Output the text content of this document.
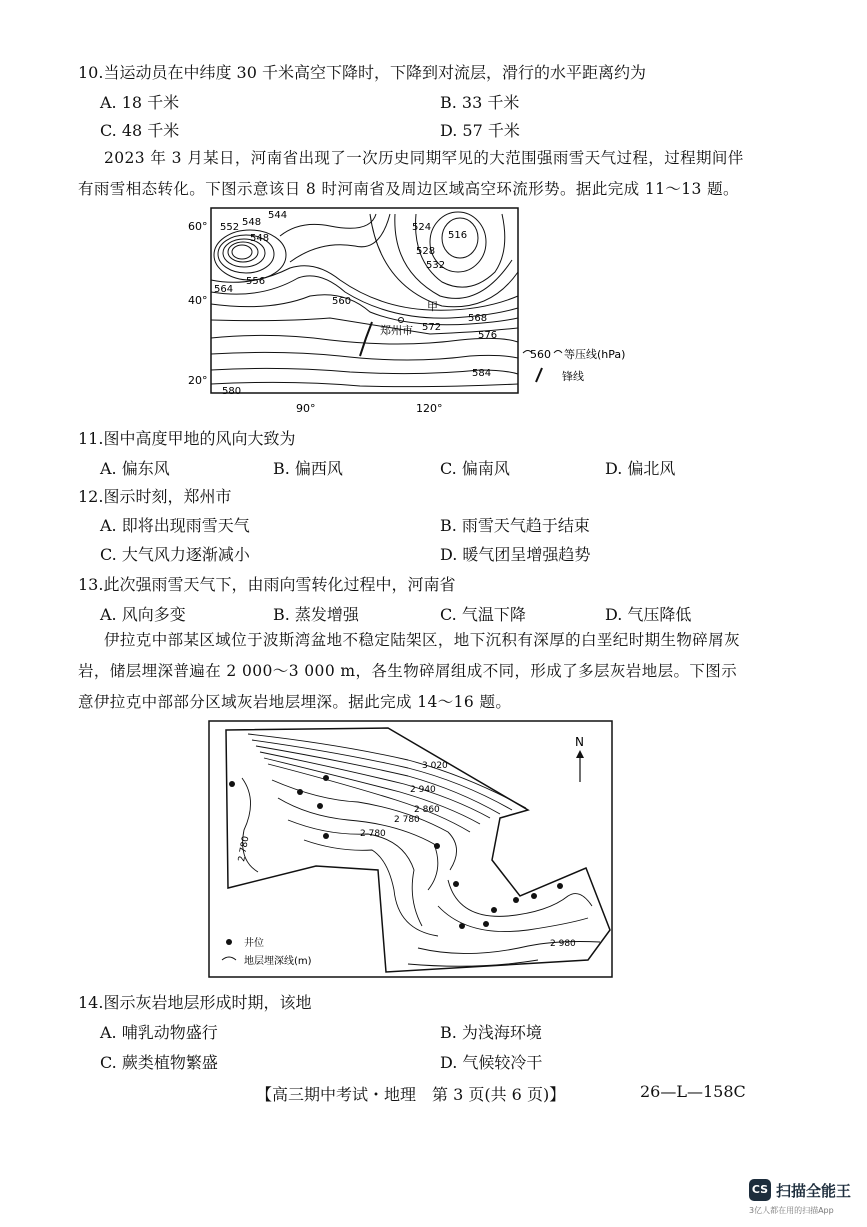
10.当运动员在中纬度 30 千米高空下降时，下降到对流层，滑行的水平距离约为
A. 18 千米	B. 33 千米
C. 48 千米	D. 57 千米
2023 年 3 月某日，河南省出现了一次历史同期罕见的大范围强雨雪天气过程，过程期间伴有雨雪相态转化。下图示意该日 8 时河南省及周边区域高空环流形势。据此完成 11～13 题。
60°
40°
20°
90°	120°
552 548
544
548
556
564
560
524
516
528
532
甲
568
572
576
580
584
郑州市
560 等压线(hPa)
锋线
11.图中高度甲地的风向大致为
A. 偏东风	B. 偏西风	C. 偏南风	D. 偏北风
12.图示时刻，郑州市
A. 即将出现雨雪天气	B. 雨雪天气趋于结束
C. 大气风力逐渐减小	D. 暖气团呈增强趋势
13.此次强雨雪天气下，由雨向雪转化过程中，河南省
A. 风向多变	B. 蒸发增强	C. 气温下降	D. 气压降低
伊拉克中部某区域位于波斯湾盆地不稳定陆架区，地下沉积有深厚的白垩纪时期生物碎屑灰岩，储层埋深普遍在 2 000～3 000 m，各生物碎屑组成不同，形成了多层灰岩地层。下图示意伊拉克中部部分区域灰岩地层埋深。据此完成 14～16 题。
3 020
2 940
2 860
2 780
2 780
2 780
2 980
N
井位
地层埋深线(m)
14.图示灰岩地层形成时期，该地
A. 哺乳动物盛行	B. 为浅海环境
C. 蕨类植物繁盛	D. 气候较冷干
【高三期中考试・地理　第 3 页(共 6 页)】	26—L—158C
CS 扫描全能王
3亿人都在用的扫描App
